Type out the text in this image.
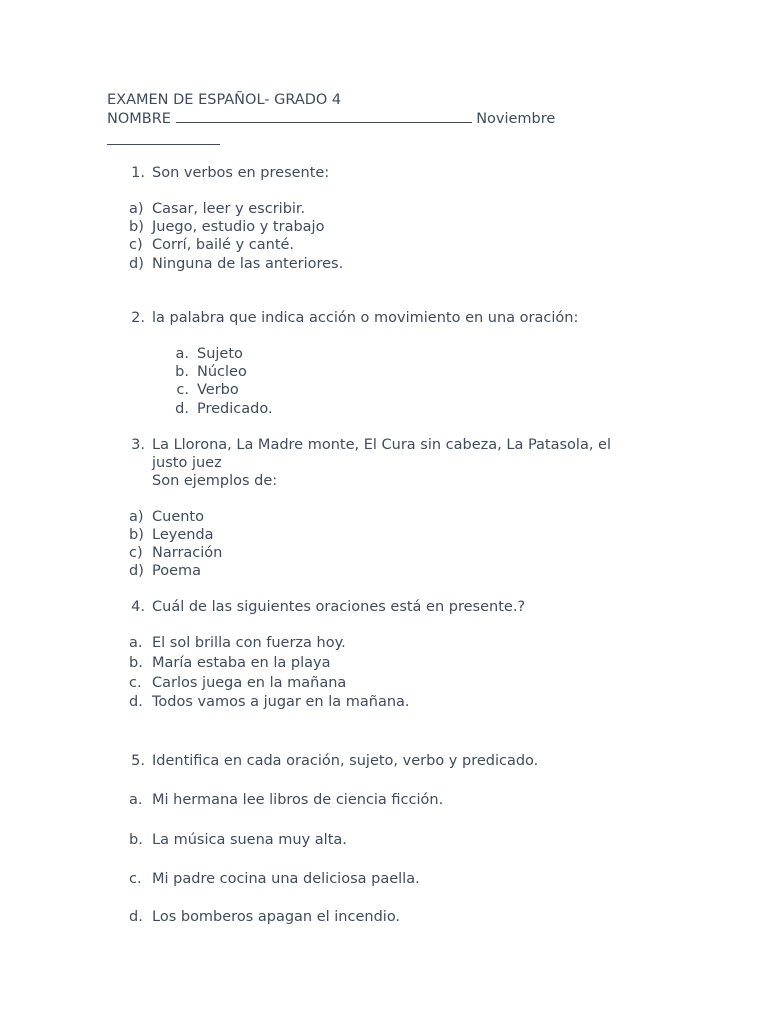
EXAMEN DE ESPAÑOL- GRADO 4
NOMBRE	Noviembre
1. Son verbos en presente:
a) Casar, leer y escribir.
b) Juego, estudio y trabajo
c) Corrí, bailé y canté.
d) Ninguna de las anteriores.
2. la palabra que indica acción o movimiento en una oración:
a. Sujeto
b. Núcleo
c. Verbo
d. Predicado.
3. La Llorona, La Madre monte, El Cura sin cabeza, La Patasola, el
justo juez
Son ejemplos de:
a) Cuento
b) Leyenda
c) Narración
d) Poema
4. Cuál de las siguientes oraciones está en presente.?
a. El sol brilla con fuerza hoy.
b. María estaba en la playa
c. Carlos juega en la mañana
d. Todos vamos a jugar en la mañana.
5. Identifica en cada oración, sujeto, verbo y predicado.
a. Mi hermana lee libros de ciencia ficción.
b. La música suena muy alta.
c. Mi padre cocina una deliciosa paella.
d. Los bomberos apagan el incendio.
